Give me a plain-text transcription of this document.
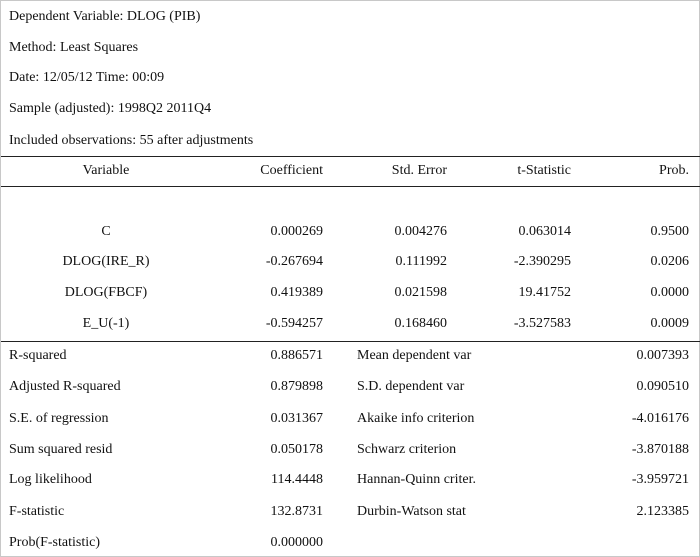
Dependent Variable: DLOG (PIB)
Method: Least Squares
Date: 12/05/12 Time: 00:09
Sample (adjusted): 1998Q2 2011Q4
Included observations: 55 after adjustments
Variable	Coefficient	Std. Error	t-Statistic	Prob.
C	0.000269	0.004276	0.063014	0.9500
DLOG(IRE_R)	-0.267694	0.111992	-2.390295	0.0206
DLOG(FBCF)	0.419389	0.021598	19.41752	0.0000
E_U(-1)	-0.594257	0.168460	-3.527583	0.0009
R-squared	0.886571 Mean dependent var	0.007393
Adjusted R-squared	0.879898 S.D. dependent var	0.090510
S.E. of regression	0.031367 Akaike info criterion	-4.016176
Sum squared resid	0.050178 Schwarz criterion	-3.870188
Log likelihood	114.4448 Hannan-Quinn criter.	-3.959721
F-statistic	132.8731 Durbin-Watson stat	2.123385
Prob(F-statistic)	0.000000
